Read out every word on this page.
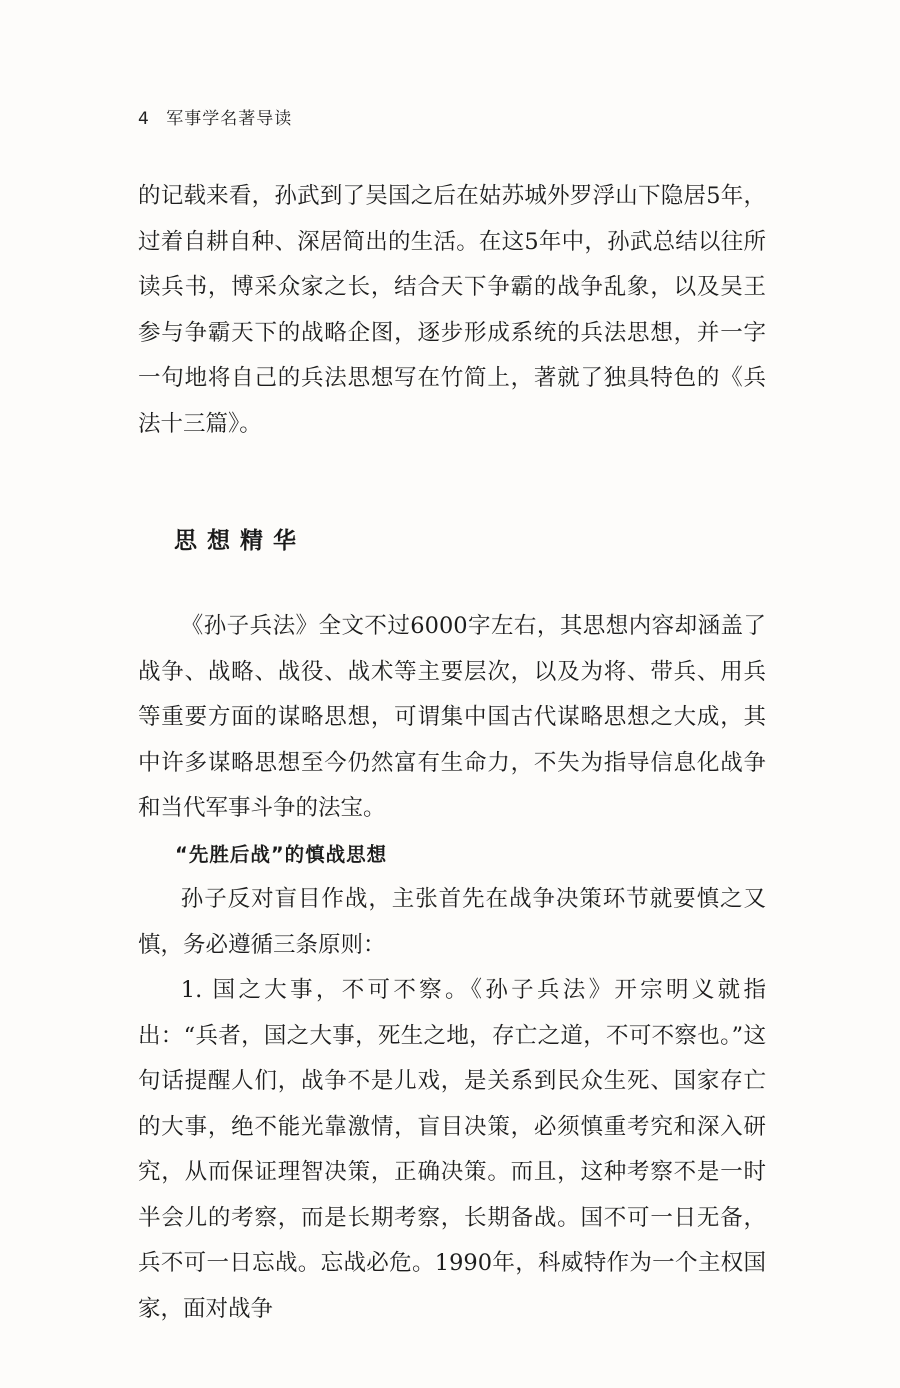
4 军事学名著导读

的记载来看，孙武到了吴国之后在姑苏城外罗浮山下隐居5年，过着自耕自种、深居简出的生活。在这5年中，孙武总结以往所读兵书，博采众家之长，结合天下争霸的战争乱象，以及吴王参与争霸天下的战略企图，逐步形成系统的兵法思想，并一字一句地将自己的兵法思想写在竹简上，著就了独具特色的《兵法十三篇》。

思想精华

《孙子兵法》全文不过6000字左右，其思想内容却涵盖了战争、战略、战役、战术等主要层次，以及为将、带兵、用兵等重要方面的谋略思想，可谓集中国古代谋略思想之大成，其中许多谋略思想至今仍然富有生命力，不失为指导信息化战争和当代军事斗争的法宝。

“先胜后战”的慎战思想

孙子反对盲目作战，主张首先在战争决策环节就要慎之又慎，务必遵循三条原则：

1. 国之大事，不可不察。《孙子兵法》开宗明义就指出：“兵者，国之大事，死生之地，存亡之道，不可不察也。”这句话提醒人们，战争不是儿戏，是关系到民众生死、国家存亡的大事，绝不能光靠激情，盲目决策，必须慎重考究和深入研究，从而保证理智决策，正确决策。而且，这种考察不是一时半会儿的考察，而是长期考察，长期备战。国不可一日无备，兵不可一日忘战。忘战必危。1990年，科威特作为一个主权国家，面对战争
